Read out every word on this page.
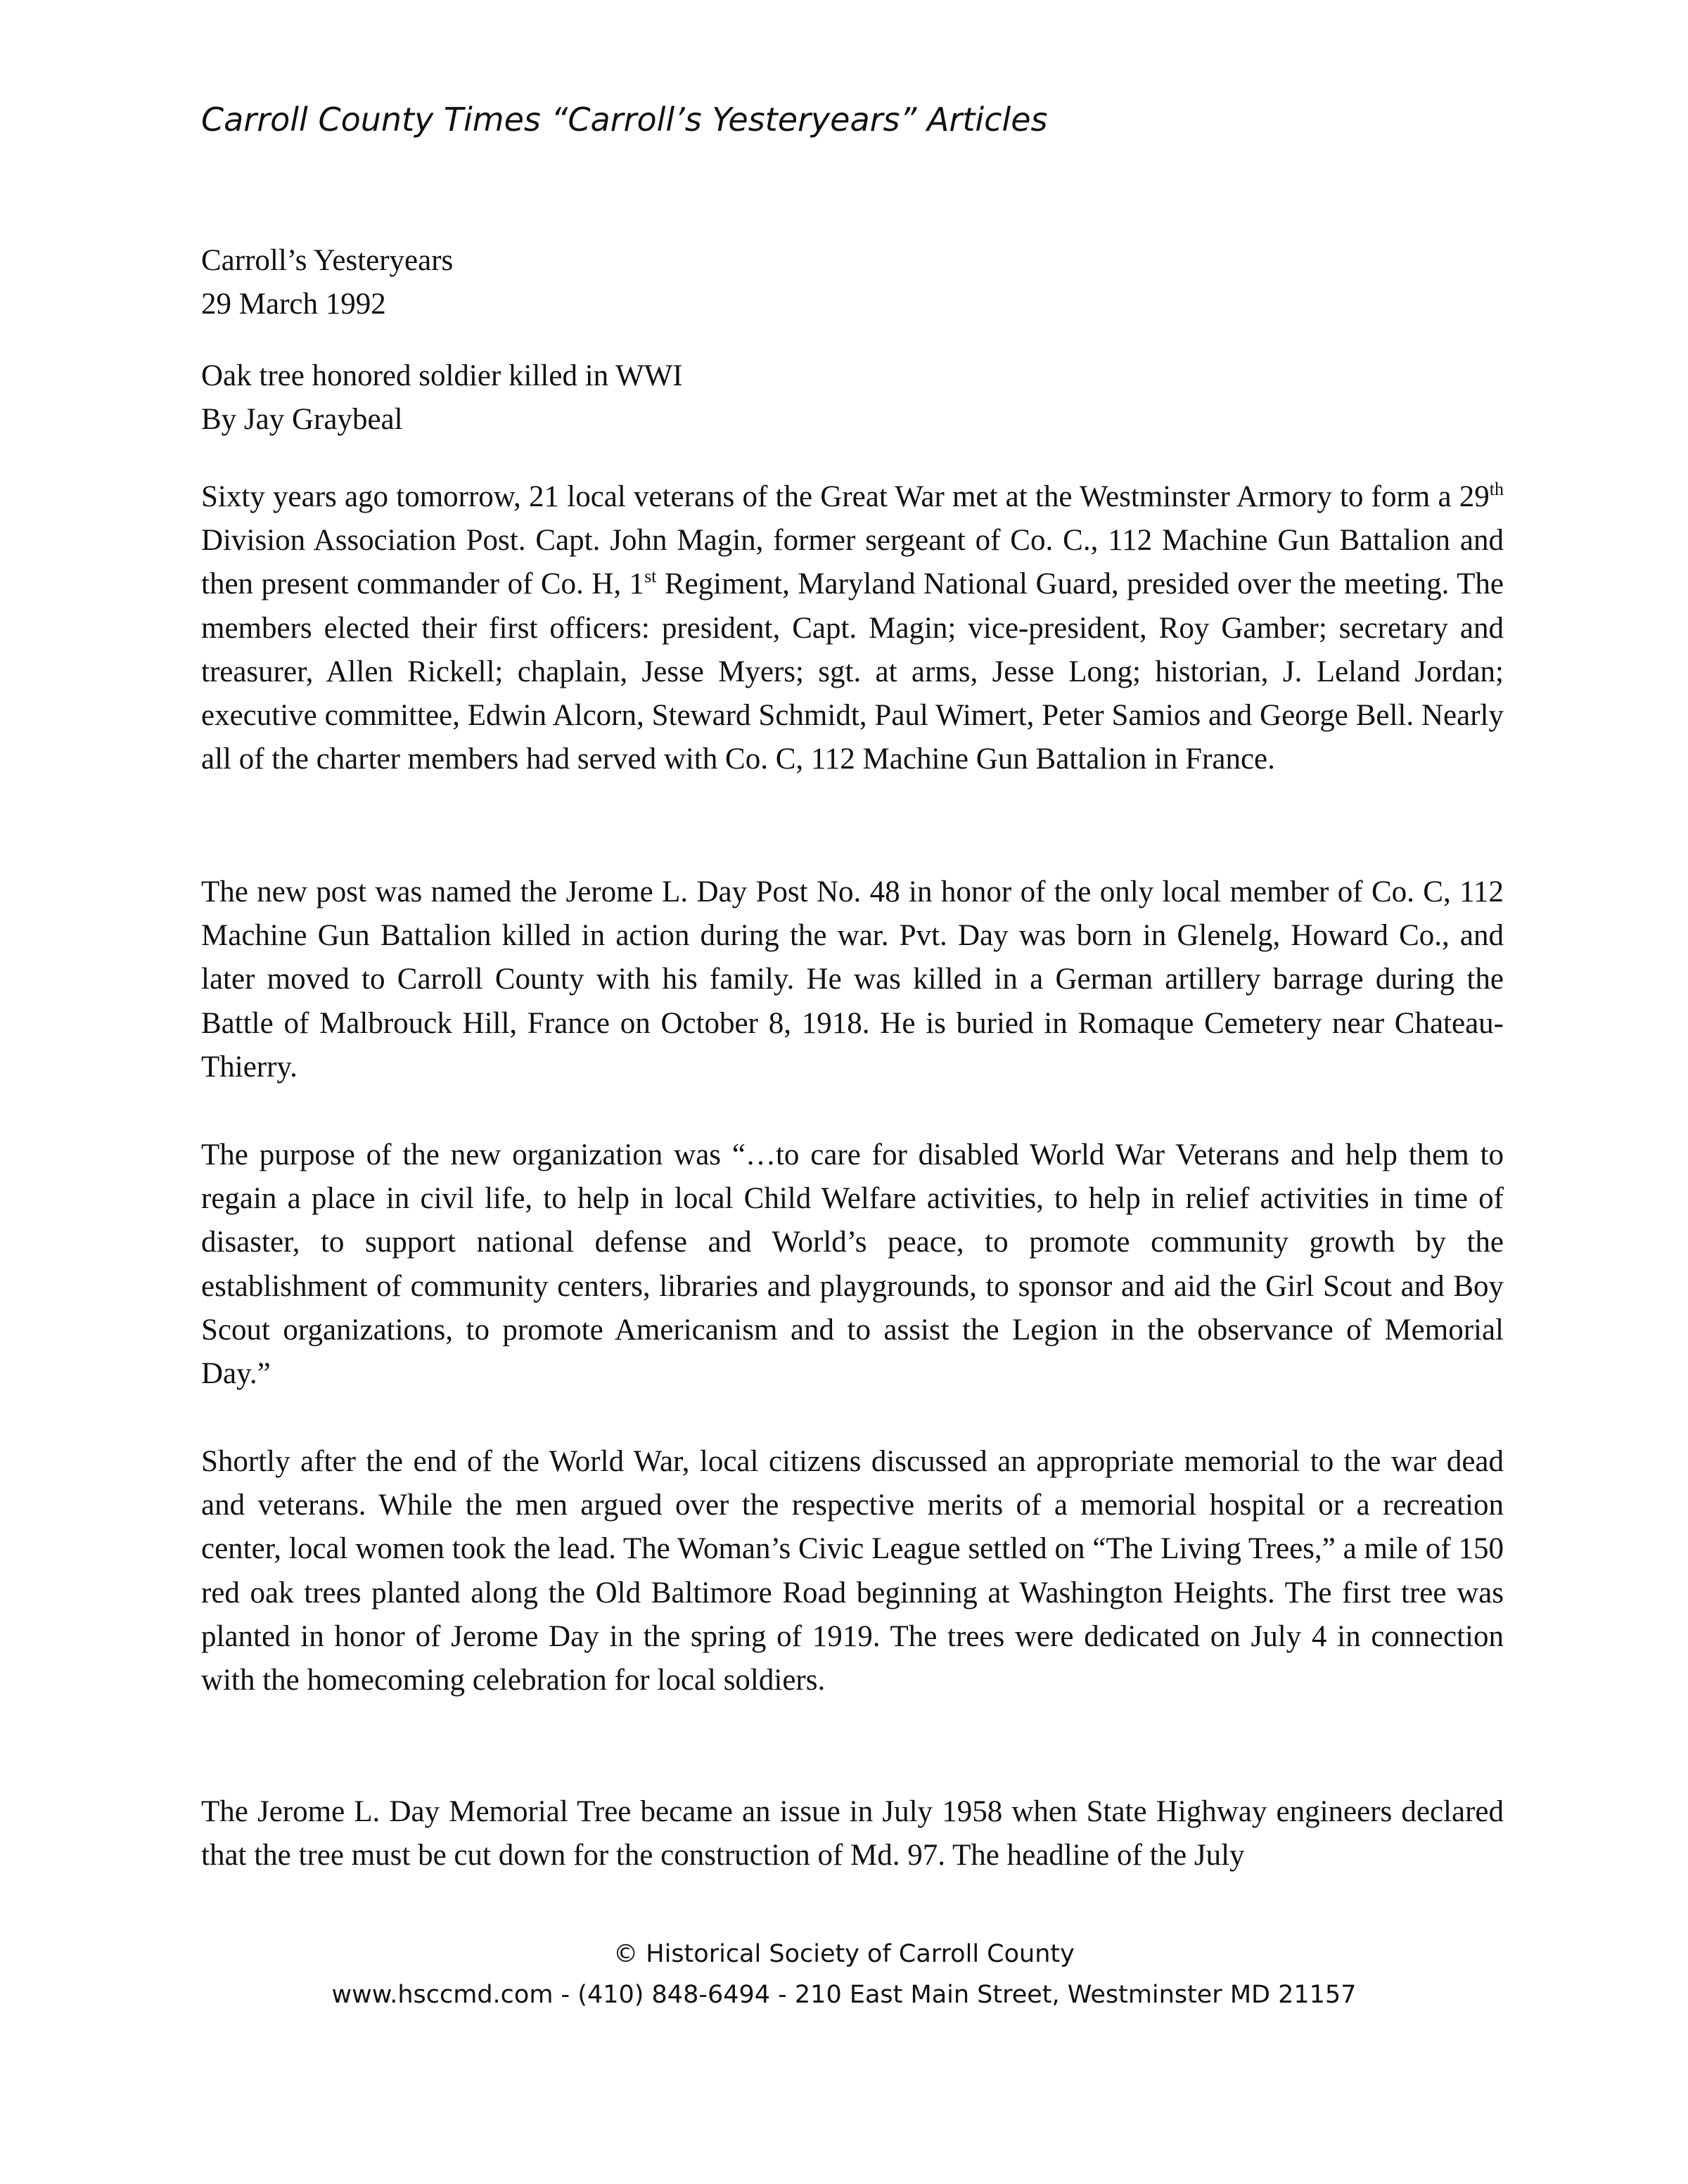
Carroll County Times “Carroll’s Yesteryears” Articles
Carroll’s Yesteryears
29 March 1992
Oak tree honored soldier killed in WWI
By Jay Graybeal

Sixty years ago tomorrow, 21 local veterans of the Great War met at the Westminster Armory to form a 29th Division Association Post. Capt. John Magin, former sergeant of Co. C., 112 Machine Gun Battalion and then present commander of Co. H, 1st Regiment, Maryland National Guard, presided over the meeting. The members elected their first officers: president, Capt. Magin; vice-president, Roy Gamber; secretary and treasurer, Allen Rickell; chaplain, Jesse Myers; sgt. at arms, Jesse Long; historian, J. Leland Jordan; executive committee, Edwin Alcorn, Steward Schmidt, Paul Wimert, Peter Samios and George Bell. Nearly all of the charter members had served with Co. C, 112 Machine Gun Battalion in France.

The new post was named the Jerome L. Day Post No. 48 in honor of the only local member of Co. C, 112 Machine Gun Battalion killed in action during the war. Pvt. Day was born in Glenelg, Howard Co., and later moved to Carroll County with his family. He was killed in a German artillery barrage during the Battle of Malbrouck Hill, France on October 8, 1918. He is buried in Romaque Cemetery near Chateau-Thierry.

The purpose of the new organization was “…to care for disabled World War Veterans and help them to regain a place in civil life, to help in local Child Welfare activities, to help in relief activities in time of disaster, to support national defense and World’s peace, to promote community growth by the establishment of community centers, libraries and playgrounds, to sponsor and aid the Girl Scout and Boy Scout organizations, to promote Americanism and to assist the Legion in the observance of Memorial Day.”

Shortly after the end of the World War, local citizens discussed an appropriate memorial to the war dead and veterans. While the men argued over the respective merits of a memorial hospital or a recreation center, local women took the lead. The Woman’s Civic League settled on “The Living Trees,” a mile of 150 red oak trees planted along the Old Baltimore Road beginning at Washington Heights. The first tree was planted in honor of Jerome Day in the spring of 1919. The trees were dedicated on July 4 in connection with the homecoming celebration for local soldiers.

The Jerome L. Day Memorial Tree became an issue in July 1958 when State Highway engineers declared that the tree must be cut down for the construction of Md. 97. The headline of the July

© Historical Society of Carroll County
www.hsccmd.com - (410) 848-6494 - 210 East Main Street, Westminster MD 21157
